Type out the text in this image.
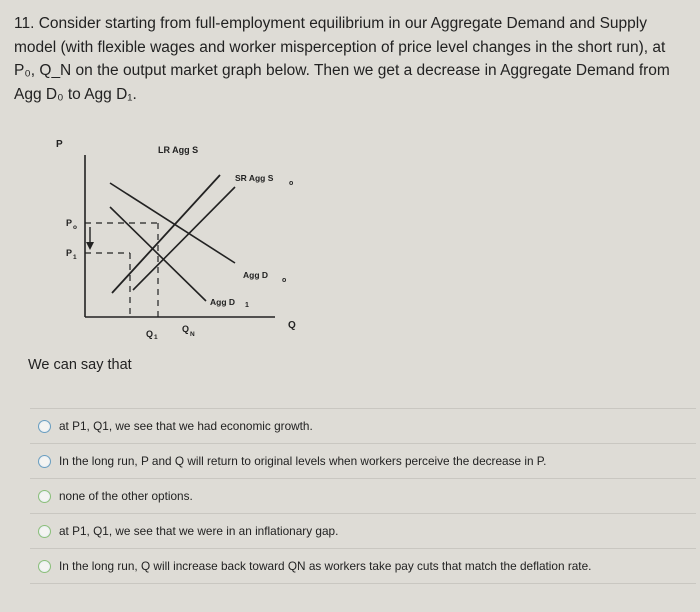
11. Consider starting from full-employment equilibrium in our Aggregate Demand and Supply model (with flexible wages and worker misperception of price level changes in the short run), at P₀, Q_N on the output market graph below. Then we get a decrease in Aggregate Demand from Agg D₀ to Agg D₁.
P
Q
LR Agg S
SR Agg S
o
Agg D
o
Agg D 1
P o
P 1
Q 1
Q
N
We can say that
at P1, Q1, we see that we had economic growth.
In the long run, P and Q will return to original levels when workers perceive the decrease in P.
none of the other options.
at P1, Q1, we see that we were in an inflationary gap.
In the long run, Q will increase back toward QN as workers take pay cuts that match the deflation rate.
